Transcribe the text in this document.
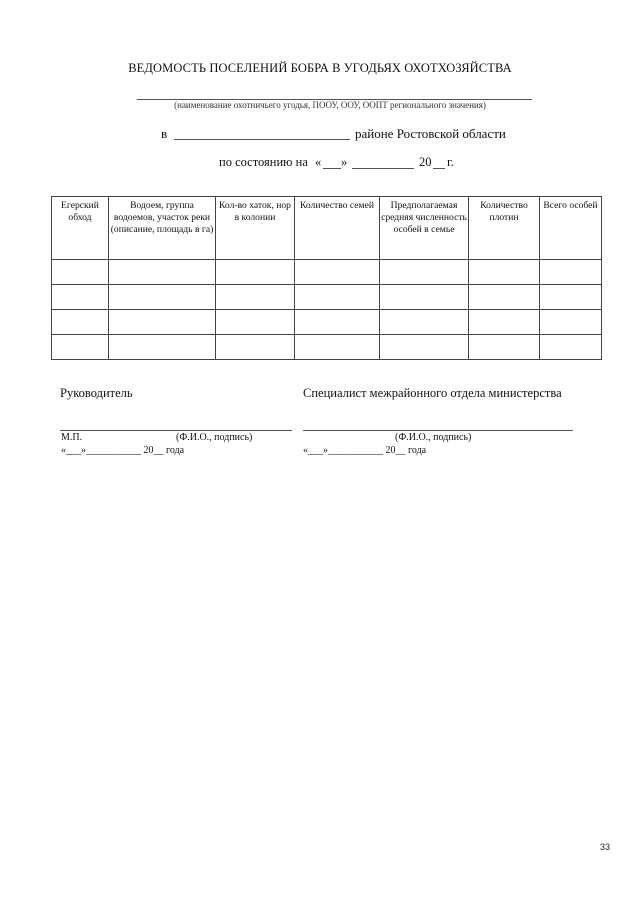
ВЕДОМОСТЬ ПОСЕЛЕНИЙ БОБРА В УГОДЬЯХ ОХОТХОЗЯЙСТВА
(наименование охотничьего угодья, ПООУ, ООУ, ООПТ регионального значения)
в	районе Ростовской области
по состоянию на « »	20 г.
Егерский обход	Водоем, группа водоемов, участок реки (описание, площадь в га)	Кол-во хаток, нор в колонии	Количество семей	Предполагаемая средняя численность особей в семье	Количество плотин	Всего особей

Руководитель
М.П.	(Ф.И.О., подпись)
«___»___________ 20__ года
Специалист межрайонного отдела министерства
(Ф.И.О., подпись)
«___»___________ 20__ года
33
